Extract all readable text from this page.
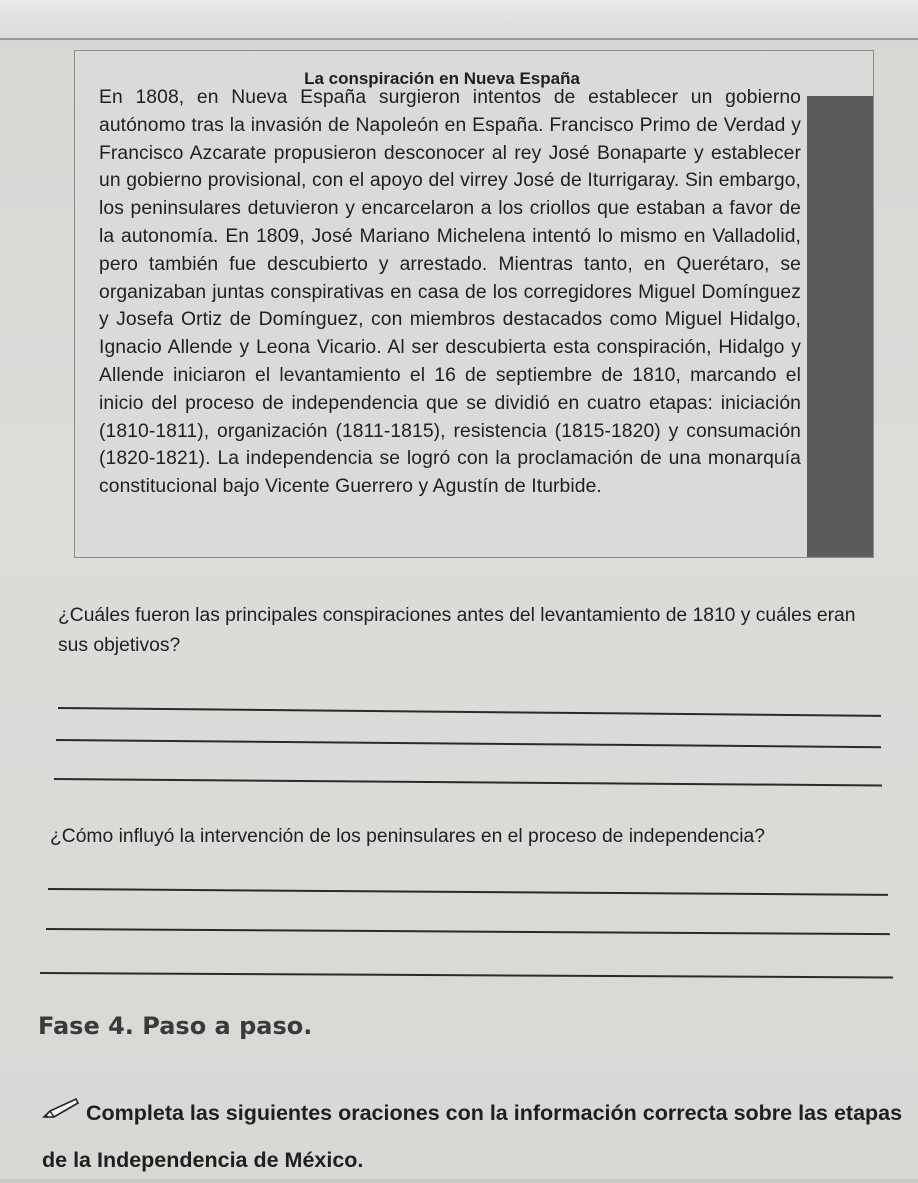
La conspiración en Nueva España
En 1808, en Nueva España surgieron intentos de establecer un gobierno autónomo tras la invasión de Napoleón en España. Francisco Primo de Verdad y Francisco Azcarate propusieron desconocer al rey José Bonaparte y establecer un gobierno provisional, con el apoyo del virrey José de Iturrigaray. Sin embargo, los peninsulares detuvieron y encarcelaron a los criollos que estaban a favor de la autonomía. En 1809, José Mariano Michelena intentó lo mismo en Valladolid, pero también fue descubierto y arrestado. Mientras tanto, en Querétaro, se organizaban juntas conspirativas en casa de los corregidores Miguel Domínguez y Josefa Ortiz de Domínguez, con miembros destacados como Miguel Hidalgo, Ignacio Allende y Leona Vicario. Al ser descubierta esta conspiración, Hidalgo y Allende iniciaron el levantamiento el 16 de septiembre de 1810, marcando el inicio del proceso de independencia que se dividió en cuatro etapas: iniciación (1810-1811), organización (1811-1815), resistencia (1815-1820) y consumación (1820-1821). La independencia se logró con la proclamación de una monarquía constitucional bajo Vicente Guerrero y Agustín de Iturbide.
¿Cuáles fueron las principales conspiraciones antes del levantamiento de 1810 y cuáles eran sus objetivos?
¿Cómo influyó la intervención de los peninsulares en el proceso de independencia?
Fase 4. Paso a paso.
Completa las siguientes oraciones con la información correcta sobre las etapas de la Independencia de México.
